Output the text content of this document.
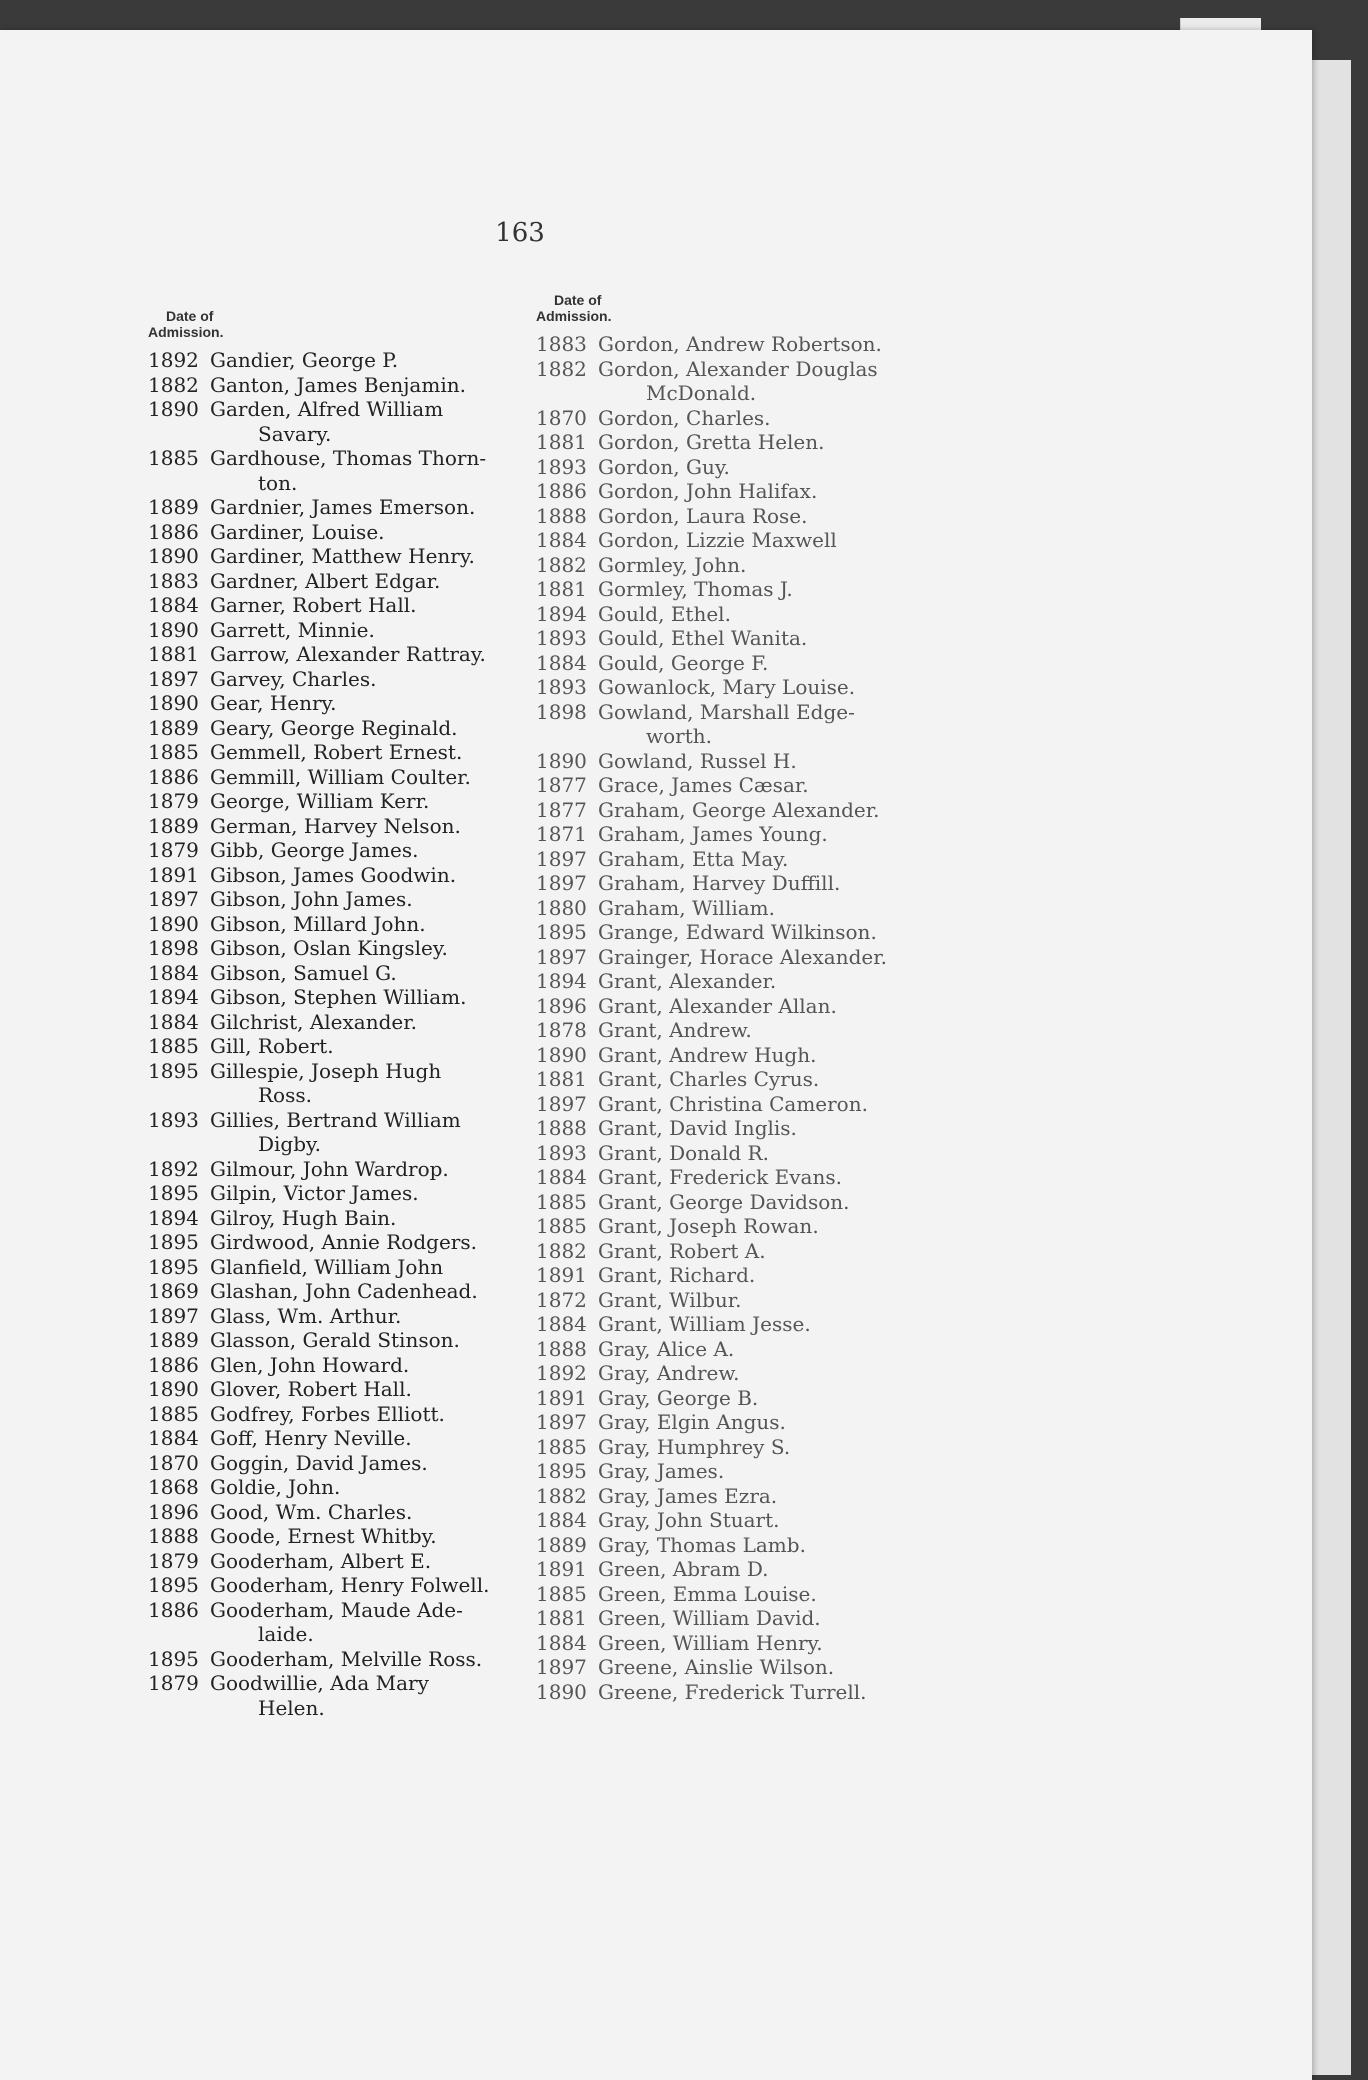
163
Date of
Admission.
Date of
Admission.
1892 Gandier, George P.
1882 Ganton, James Benjamin.
1890 Garden, Alfred William
Savary.
1885 Gardhouse, Thomas Thorn-
ton.
1889 Gardnier, James Emerson.
1886 Gardiner, Louise.
1890 Gardiner, Matthew Henry.
1883 Gardner, Albert Edgar.
1884 Garner, Robert Hall.
1890 Garrett, Minnie.
1881 Garrow, Alexander Rattray.
1897 Garvey, Charles.
1890 Gear, Henry.
1889 Geary, George Reginald.
1885 Gemmell, Robert Ernest.
1886 Gemmill, William Coulter.
1879 George, William Kerr.
1889 German, Harvey Nelson.
1879 Gibb, George James.
1891 Gibson, James Goodwin.
1897 Gibson, John James.
1890 Gibson, Millard John.
1898 Gibson, Oslan Kingsley.
1884 Gibson, Samuel G.
1894 Gibson, Stephen William.
1884 Gilchrist, Alexander.
1885 Gill, Robert.
1895 Gillespie, Joseph Hugh
Ross.
1893 Gillies, Bertrand William
Digby.
1892 Gilmour, John Wardrop.
1895 Gilpin, Victor James.
1894 Gilroy, Hugh Bain.
1895 Girdwood, Annie Rodgers.
1895 Glanfield, William John
1869 Glashan, John Cadenhead.
1897 Glass, Wm. Arthur.
1889 Glasson, Gerald Stinson.
1886 Glen, John Howard.
1890 Glover, Robert Hall.
1885 Godfrey, Forbes Elliott.
1884 Goff, Henry Neville.
1870 Goggin, David James.
1868 Goldie, John.
1896 Good, Wm. Charles.
1888 Goode, Ernest Whitby.
1879 Gooderham, Albert E.
1895 Gooderham, Henry Folwell.
1886 Gooderham, Maude Ade-
laide.
1895 Gooderham, Melville Ross.
1879 Goodwillie, Ada Mary
Helen.
1883 Gordon, Andrew Robertson.
1882 Gordon, Alexander Douglas
McDonald.
1870 Gordon, Charles.
1881 Gordon, Gretta Helen.
1893 Gordon, Guy.
1886 Gordon, John Halifax.
1888 Gordon, Laura Rose.
1884 Gordon, Lizzie Maxwell
1882 Gormley, John.
1881 Gormley, Thomas J.
1894 Gould, Ethel.
1893 Gould, Ethel Wanita.
1884 Gould, George F.
1893 Gowanlock, Mary Louise.
1898 Gowland, Marshall Edge-
worth.
1890 Gowland, Russel H.
1877 Grace, James Cæsar.
1877 Graham, George Alexander.
1871 Graham, James Young.
1897 Graham, Etta May.
1897 Graham, Harvey Duffill.
1880 Graham, William.
1895 Grange, Edward Wilkinson.
1897 Grainger, Horace Alexander.
1894 Grant, Alexander.
1896 Grant, Alexander Allan.
1878 Grant, Andrew.
1890 Grant, Andrew Hugh.
1881 Grant, Charles Cyrus.
1897 Grant, Christina Cameron.
1888 Grant, David Inglis.
1893 Grant, Donald R.
1884 Grant, Frederick Evans.
1885 Grant, George Davidson.
1885 Grant, Joseph Rowan.
1882 Grant, Robert A.
1891 Grant, Richard.
1872 Grant, Wilbur.
1884 Grant, William Jesse.
1888 Gray, Alice A.
1892 Gray, Andrew.
1891 Gray, George B.
1897 Gray, Elgin Angus.
1885 Gray, Humphrey S.
1895 Gray, James.
1882 Gray, James Ezra.
1884 Gray, John Stuart.
1889 Gray, Thomas Lamb.
1891 Green, Abram D.
1885 Green, Emma Louise.
1881 Green, William David.
1884 Green, William Henry.
1897 Greene, Ainslie Wilson.
1890 Greene, Frederick Turrell.
